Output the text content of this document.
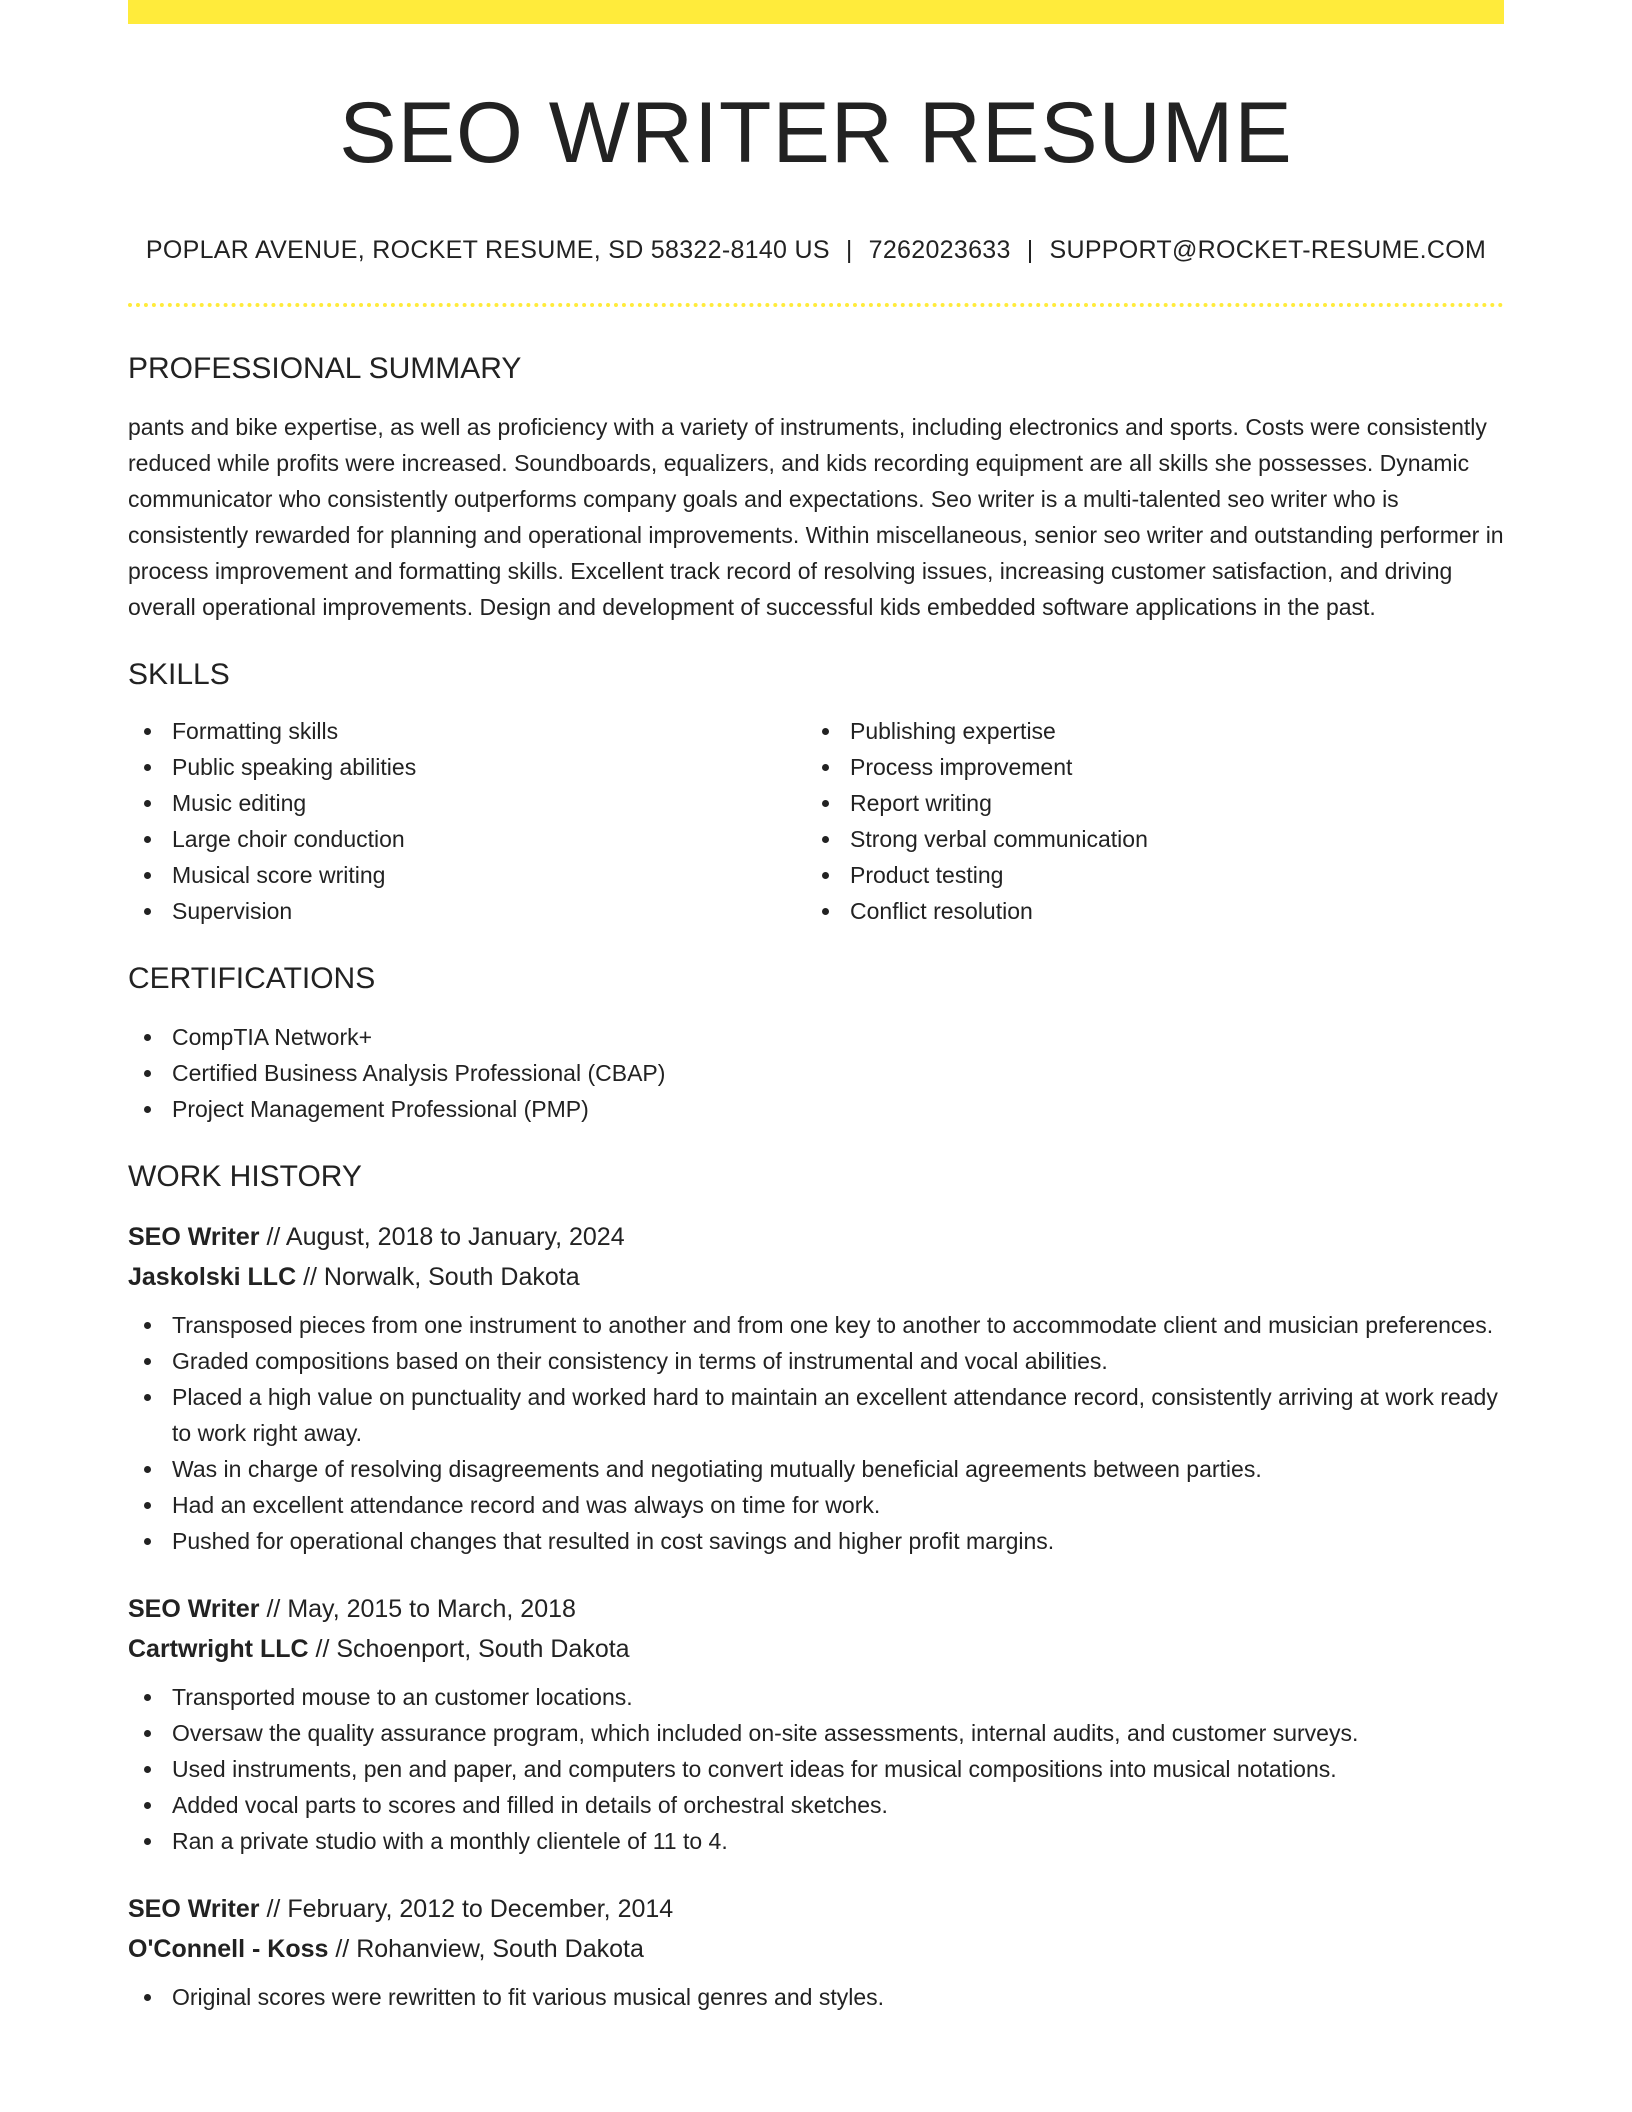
SEO WRITER RESUME
POPLAR AVENUE, ROCKET RESUME, SD 58322-8140 US | 7262023633 | SUPPORT@ROCKET-RESUME.COM
PROFESSIONAL SUMMARY

pants and bike expertise, as well as proficiency with a variety of instruments, including electronics and sports. Costs were consistently reduced while profits were increased. Soundboards, equalizers, and kids recording equipment are all skills she possesses. Dynamic communicator who consistently outperforms company goals and expectations. Seo writer is a multi-talented seo writer who is consistently rewarded for planning and operational improvements. Within miscellaneous, senior seo writer and outstanding performer in process improvement and formatting skills. Excellent track record of resolving issues, increasing customer satisfaction, and driving overall operational improvements. Design and development of successful kids embedded software applications in the past.

SKILLS
Formatting skills
Public speaking abilities
Music editing
Large choir conduction
Musical score writing
Supervision
Publishing expertise
Process improvement
Report writing
Strong verbal communication
Product testing
Conflict resolution
CERTIFICATIONS
CompTIA Network+
Certified Business Analysis Professional (CBAP)
Project Management Professional (PMP)
WORK HISTORY
SEO Writer // August, 2018 to January, 2024
Jaskolski LLC // Norwalk, South Dakota
Transposed pieces from one instrument to another and from one key to another to accommodate client and musician preferences.
Graded compositions based on their consistency in terms of instrumental and vocal abilities.
Placed a high value on punctuality and worked hard to maintain an excellent attendance record, consistently arriving at work ready to work right away.
Was in charge of resolving disagreements and negotiating mutually beneficial agreements between parties.
Had an excellent attendance record and was always on time for work.
Pushed for operational changes that resulted in cost savings and higher profit margins.
SEO Writer // May, 2015 to March, 2018
Cartwright LLC // Schoenport, South Dakota
Transported mouse to an customer locations.
Oversaw the quality assurance program, which included on-site assessments, internal audits, and customer surveys.
Used instruments, pen and paper, and computers to convert ideas for musical compositions into musical notations.
Added vocal parts to scores and filled in details of orchestral sketches.
Ran a private studio with a monthly clientele of 11 to 4.
SEO Writer // February, 2012 to December, 2014
O'Connell - Koss // Rohanview, South Dakota
Original scores were rewritten to fit various musical genres and styles.
